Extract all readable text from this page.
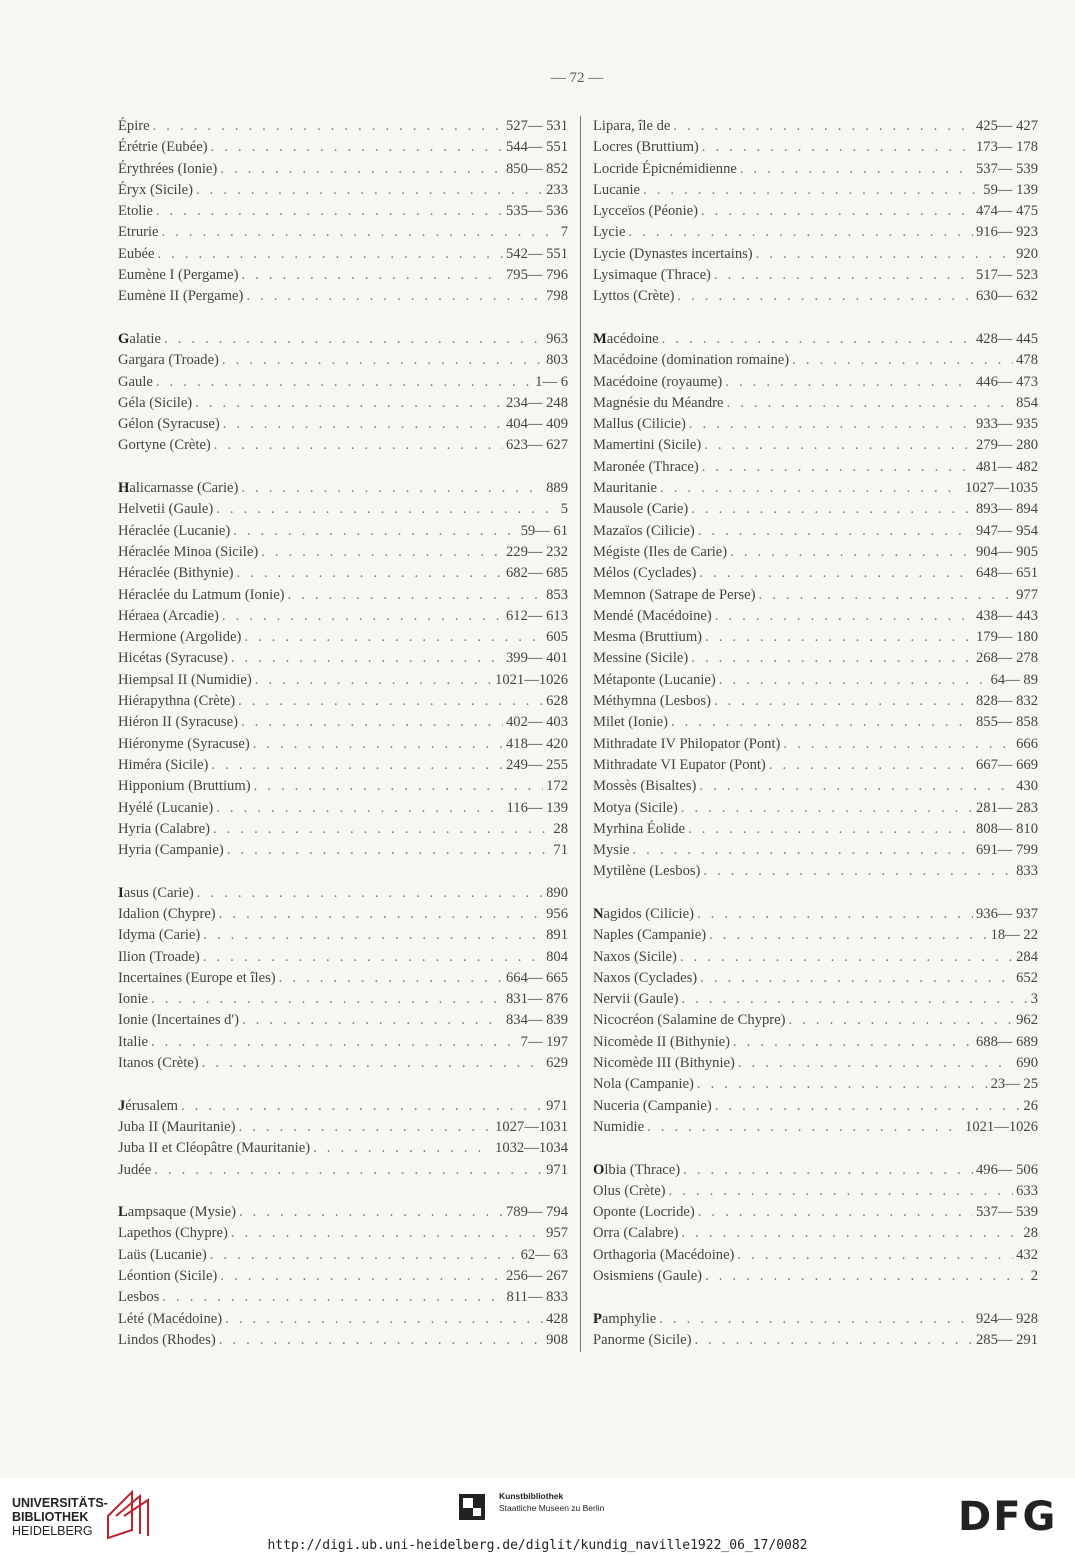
— 72 —
Épire . . .	527— 531
Érétrie (Eubée) . . .	544— 551
Érythrées (Ionie) . . .	850— 852
Éryx (Sicile) . . .	233
Etolie . . .	535— 536
Etrurie . . .	7
Eubée . . .	542— 551
Eumène I (Pergame) . . .	795— 796
Eumène II (Pergame) . . .	798
Galatie . . .	963
Gargara (Troade) . . .	803
Gaule . . .	1— 6
Géla (Sicile) . . .	234— 248
Gélon (Syracuse) . . .	404— 409
Gortyne (Crète) . . .	623— 627
Halicarnasse (Carie) . . .	889
Helvetii (Gaule) . . .	5
Héraclée (Lucanie) . . .	59— 61
Héraclée Minoa (Sicile) . . .	229— 232
Héraclée (Bithynie) . . .	682— 685
Héraclée du Latmum (Ionie) . . .	853
Héraea (Arcadie) . . .	612— 613
Hermione (Argolide) . . .	605
Hicétas (Syracuse) . . .	399— 401
Hiempsal II (Numidie) . . .	1021—1026
Hiérapythna (Crète) . . .	628
Hiéron II (Syracuse) . . .	402— 403
Hiéronyme (Syracuse) . . .	418— 420
Himéra (Sicile) . . .	249— 255
Hipponium (Bruttium) . . .	172
Hyélé (Lucanie) . . .	116— 139
Hyria (Calabre) . . .	28
Hyria (Campanie) . . .	71
Iasus (Carie) . . .	890
Idalion (Chypre) . . .	956
Idyma (Carie) . . .	891
Ilion (Troade) . . .	804
Incertaines (Europe et îles) . . .	664— 665
Ionie . . .	831— 876
Ionie (Incertaines d') . . .	834— 839
Italie . . .	7— 197
Itanos (Crète) . . .	629
Jérusalem . . .	971
Juba II (Mauritanie) . . .	1027—1031
Juba II et Cléopâtre (Mauritanie) . . .	1032—1034
Judée . . .	971
Lampsaque (Mysie) . . .	789— 794
Lapethos (Chypre) . . .	957
Laüs (Lucanie) . . .	62— 63
Léontion (Sicile) . . .	256— 267
Lesbos . . .	811— 833
Lété (Macédoine) . . .	428
Lindos (Rhodes) . . .	908
Lipara, île de . . .	425— 427
Locres (Bruttium) . . .	173— 178
Locride Épicnémidienne . . .	537— 539
Lucanie . . .	59— 139
Lycceïos (Péonie) . . .	474— 475
Lycie . . .	916— 923
Lycie (Dynastes incertains) . . .	920
Lysimaque (Thrace) . . .	517— 523
Lyttos (Crète) . . .	630— 632
Macédoine . . .	428— 445
Macédoine (domination romaine) . . .	478
Macédoine (royaume) . . .	446— 473
Magnésie du Méandre . . .	854
Mallus (Cilicie) . . .	933— 935
Mamertini (Sicile) . . .	279— 280
Maronée (Thrace) . . .	481— 482
Mauritanie . . .	1027—1035
Mausole (Carie) . . .	893— 894
Mazaïos (Cilicie) . . .	947— 954
Mégiste (Iles de Carie) . . .	904— 905
Mélos (Cyclades) . . .	648— 651
Memnon (Satrape de Perse) . . .	977
Mendé (Macédoine) . . .	438— 443
Mesma (Bruttium) . . .	179— 180
Messine (Sicile) . . .	268— 278
Métaponte (Lucanie) . . .	64— 89
Méthymna (Lesbos) . . .	828— 832
Milet (Ionie) . . .	855— 858
Mithradate IV Philopator (Pont) . . .	666
Mithradate VI Eupator (Pont) . . .	667— 669
Mossès (Bisaltes) . . .	430
Motya (Sicile) . . .	281— 283
Myrhina Éolide . . .	808— 810
Mysie . . .	691— 799
Mytilène (Lesbos) . . .	833
Nagidos (Cilicie) . . .	936— 937
Naples (Campanie) . . .	18— 22
Naxos (Sicile) . . .	284
Naxos (Cyclades) . . .	652
Nervii (Gaule) . . .	3
Nicocréon (Salamine de Chypre) . . .	962
Nicomède II (Bithynie) . . .	688— 689
Nicomède III (Bithynie) . . .	690
Nola (Campanie) . . .	23— 25
Nuceria (Campanie) . . .	26
Numidie . . .	1021—1026
Olbia (Thrace) . . .	496— 506
Olus (Crète) . . .	633
Oponte (Locride) . . .	537— 539
Orra (Calabre) . . .	28
Orthagoria (Macédoine) . . .	432
Osismiens (Gaule) . . .	2
Pamphylie . . .	924— 928
Panorme (Sicile) . . .	285— 291
UNIVERSITÄTS-
BIBLIOTHEK
HEIDELBERG
Kunstbibliothek
Staatliche Museen zu Berlin	DFG
http://digi.ub.uni-heidelberg.de/diglit/kundig_naville1922_06_17/0082
